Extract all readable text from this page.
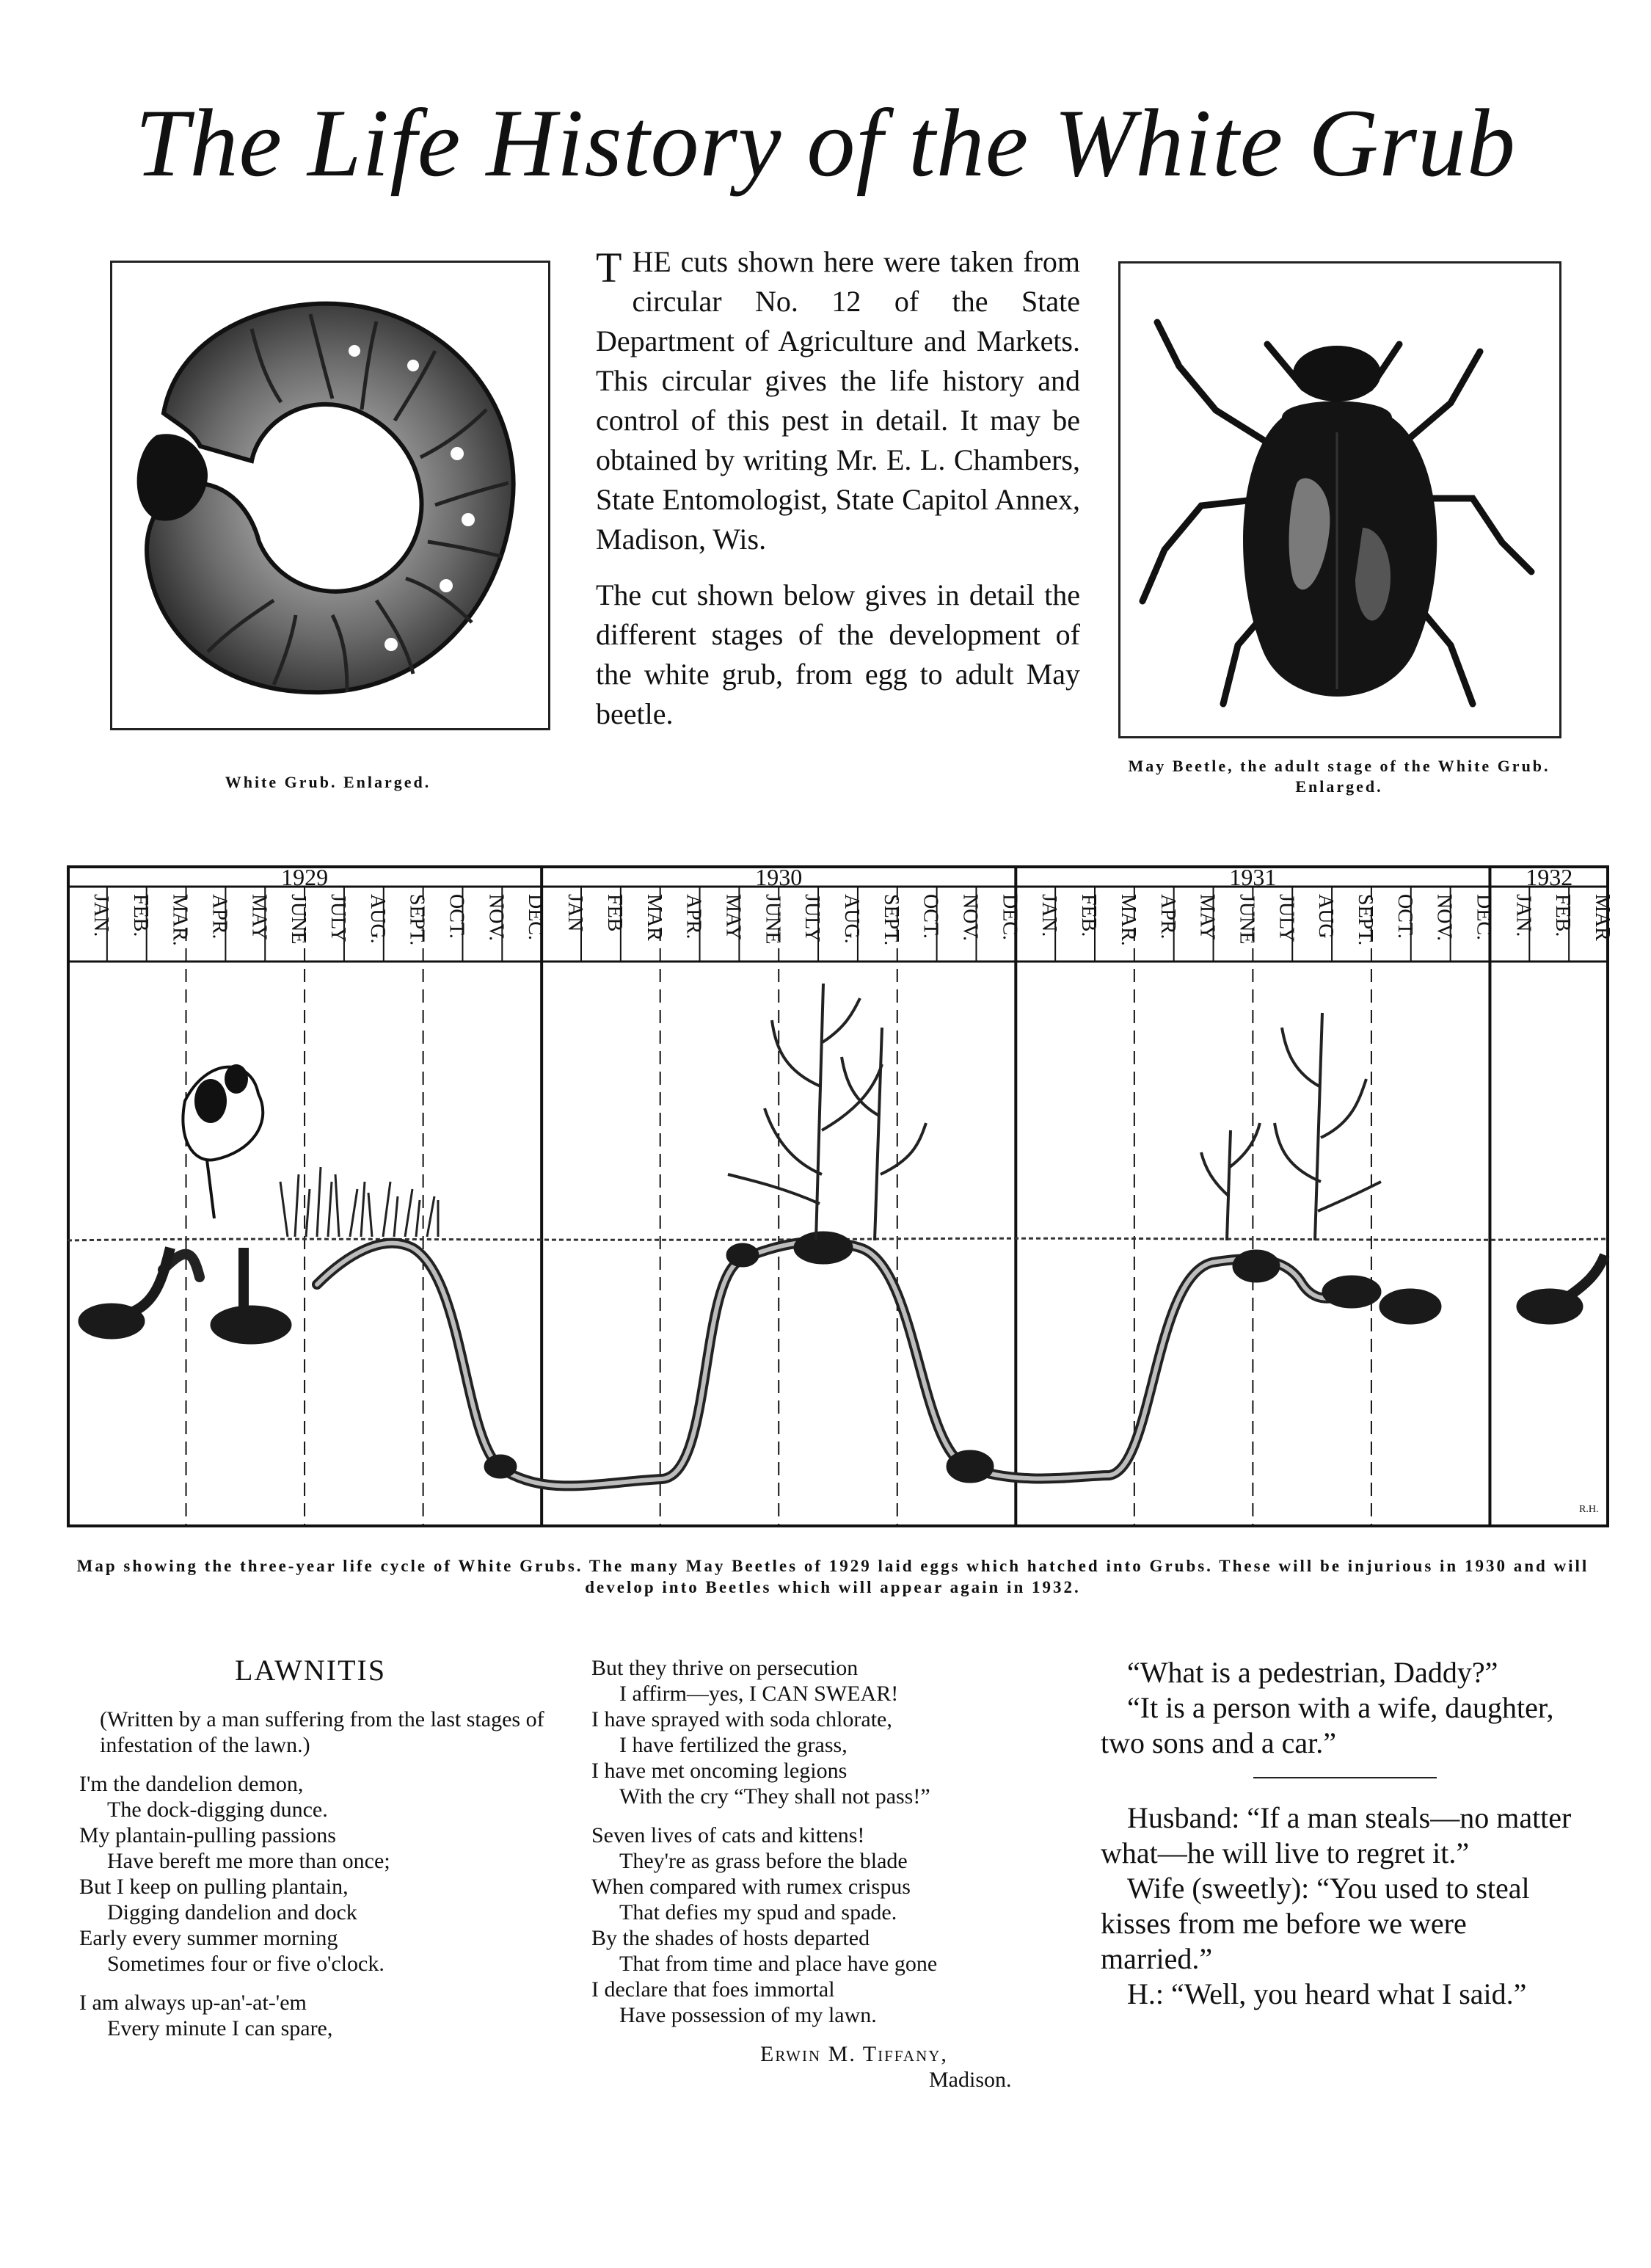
The Life History of the White Grub
White Grub. Enlarged.

T HE cuts shown here were taken from circular No. 12 of the State Department of Agriculture and Markets. This circular gives the life history and control of this pest in detail. It may be obtained by writing Mr. E. L. Chambers, State Entomologist, State Capitol Annex, Madison, Wis.

The cut shown below gives in detail the different stages of the development of the white grub, from egg to adult May beetle.

May Beetle, the adult stage of the White Grub. Enlarged.
1929	1930	1931	1932
JAN. FEB. MAR. APR. MAY JUNE JULY AUG. SEPT. OCT. NOV. DEC. JAN FEB MAR APR. MAY JUNE JULY AUG. SEPT. OCT. NOV. DEC. JAN. FEB. MAR. APR. MAY JUNE JULY AUG SEPT. OCT. NOV. DEC. JAN. FEB. MAR
R.H.
Map showing the three-year life cycle of White Grubs. The many May Beetles of 1929 laid eggs which hatched into Grubs. These will be injurious in 1930 and will develop into Beetles which will appear again in 1932.
LAWNITIS

(Written by a man suffering from the last stages of infestation of the lawn.)

I'm the dandelion demon,

The dock-digging dunce.

My plantain-pulling passions

Have bereft me more than once;

But I keep on pulling plantain,

Digging dandelion and dock

Early every summer morning

Sometimes four or five o'clock.

I am always up-an'-at-'em

Every minute I can spare,

But they thrive on persecution

I affirm—yes, I CAN SWEAR!

I have sprayed with soda chlorate,

I have fertilized the grass,

I have met oncoming legions

With the cry “They shall not pass!”

Seven lives of cats and kittens!

They're as grass before the blade

When compared with rumex crispus

That defies my spud and spade.

By the shades of hosts departed

That from time and place have gone

I declare that foes immortal

Have possession of my lawn.

Erwin M. Tiffany,

Madison.

“What is a pedestrian, Daddy?”

“It is a person with a wife, daughter, two sons and a car.”

Husband: “If a man steals—no matter what—he will live to regret it.”

Wife (sweetly): “You used to steal kisses from me before we were married.”

H.: “Well, you heard what I said.”
